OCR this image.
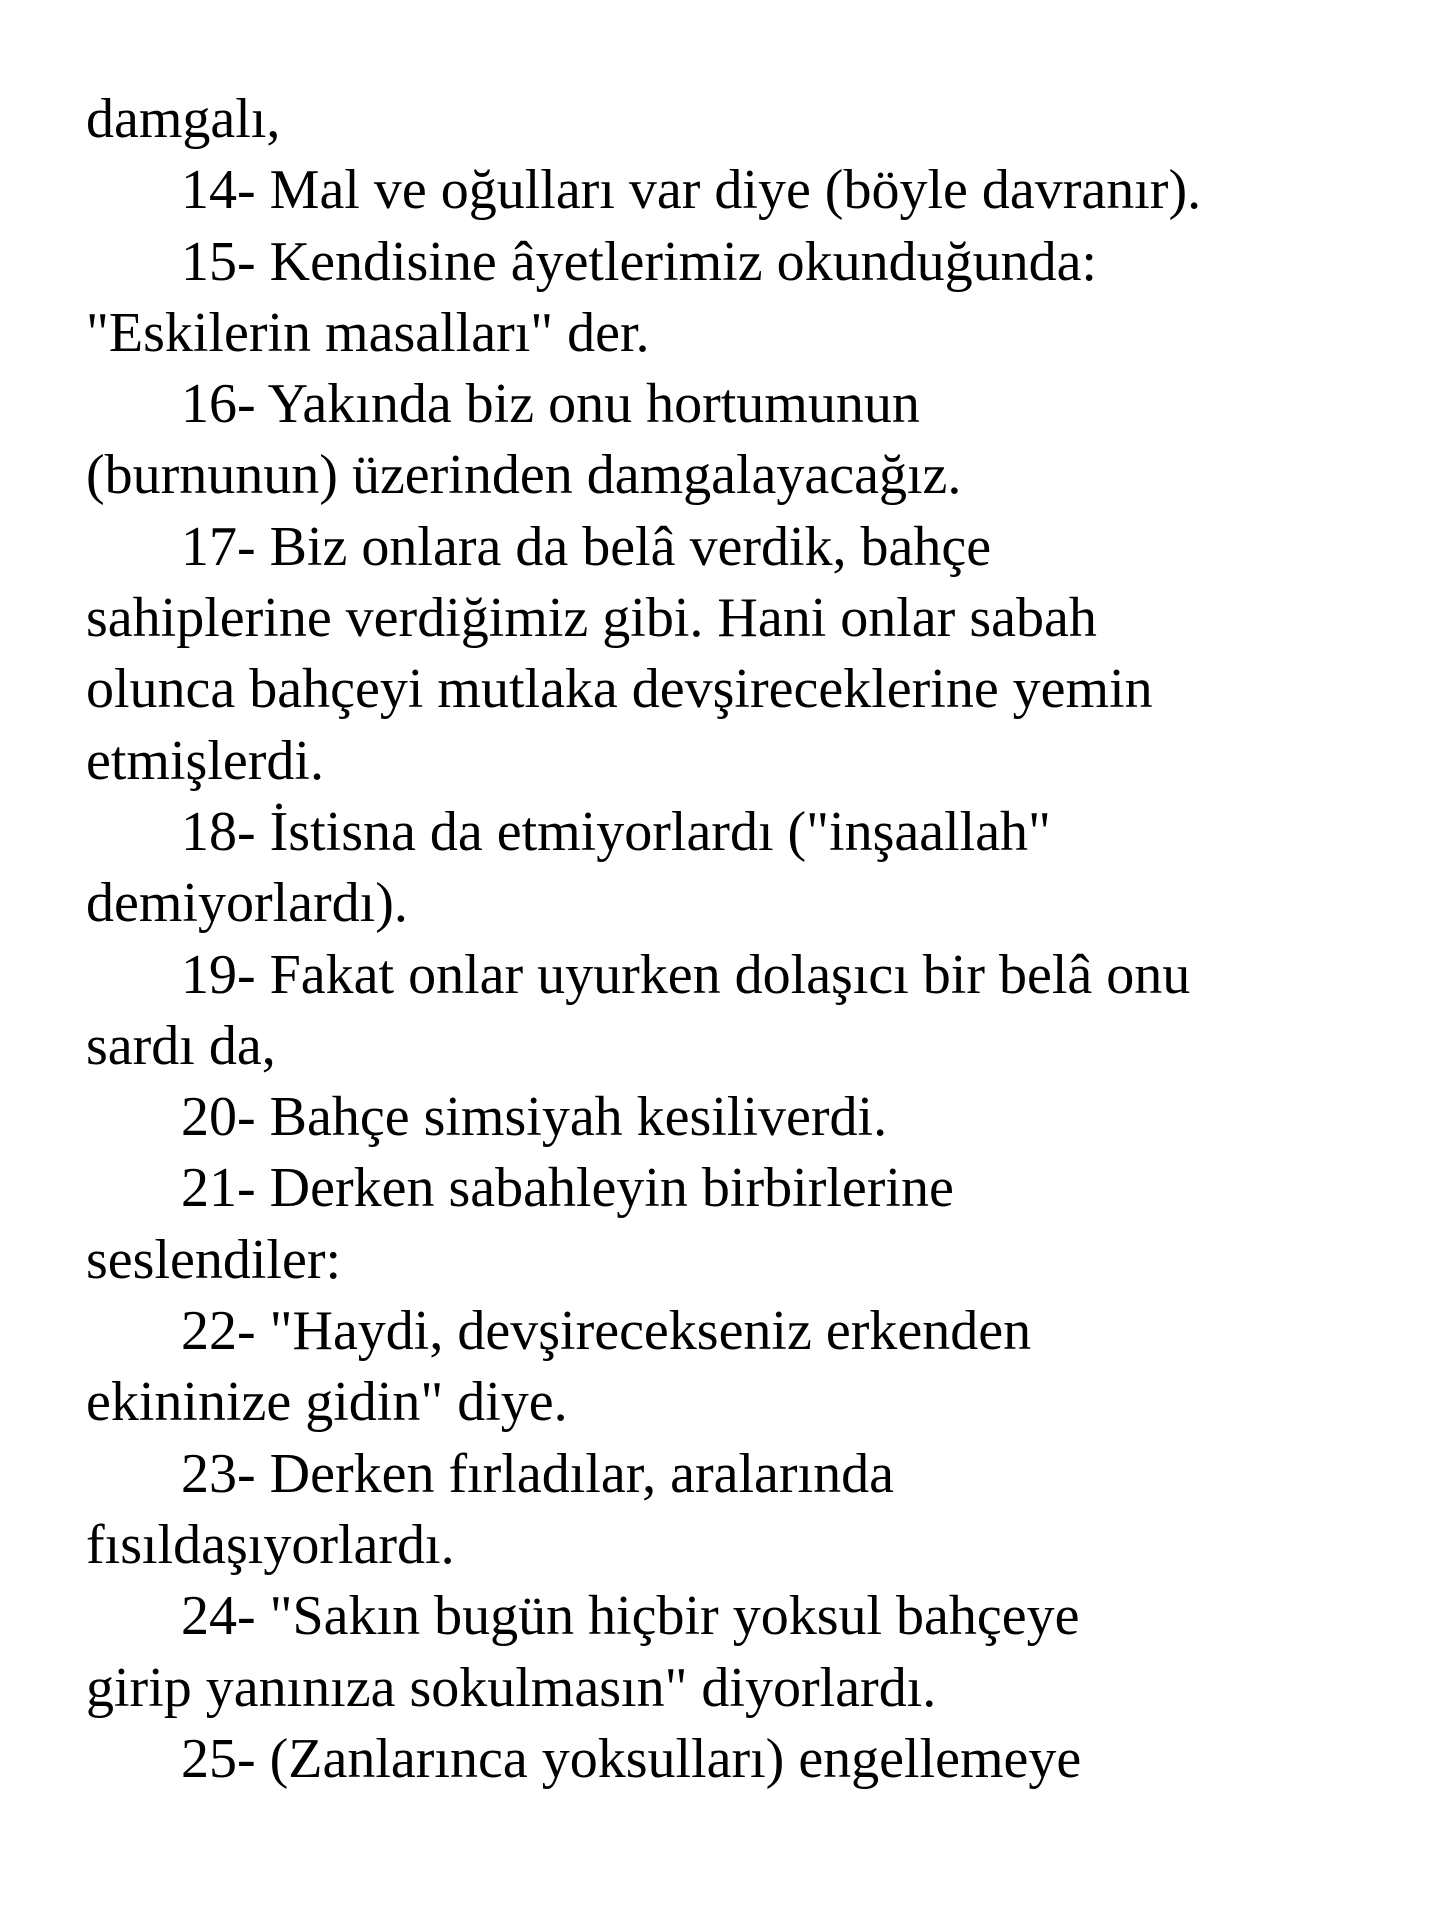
damgalı,
14- Mal ve oğulları var diye (böyle davranır).
15- Kendisine âyetlerimiz okunduğunda:
"Eskilerin masalları" der.
16- Yakında biz onu hortumunun
(burnunun) üzerinden damgalayacağız.
17- Biz onlara da belâ verdik, bahçe
sahiplerine verdiğimiz gibi. Hani onlar sabah
olunca bahçeyi mutlaka devşireceklerine yemin
etmişlerdi.
18- İstisna da etmiyorlardı ("inşaallah"
demiyorlardı).
19- Fakat onlar uyurken dolaşıcı bir belâ onu
sardı da,
20- Bahçe simsiyah kesiliverdi.
21- Derken sabahleyin birbirlerine
seslendiler:
22- "Haydi, devşirecekseniz erkenden
ekininize gidin" diye.
23- Derken fırladılar, aralarında
fısıldaşıyorlardı.
24- "Sakın bugün hiçbir yoksul bahçeye
girip yanınıza sokulmasın" diyorlardı.
25- (Zanlarınca yoksulları) engellemeye
